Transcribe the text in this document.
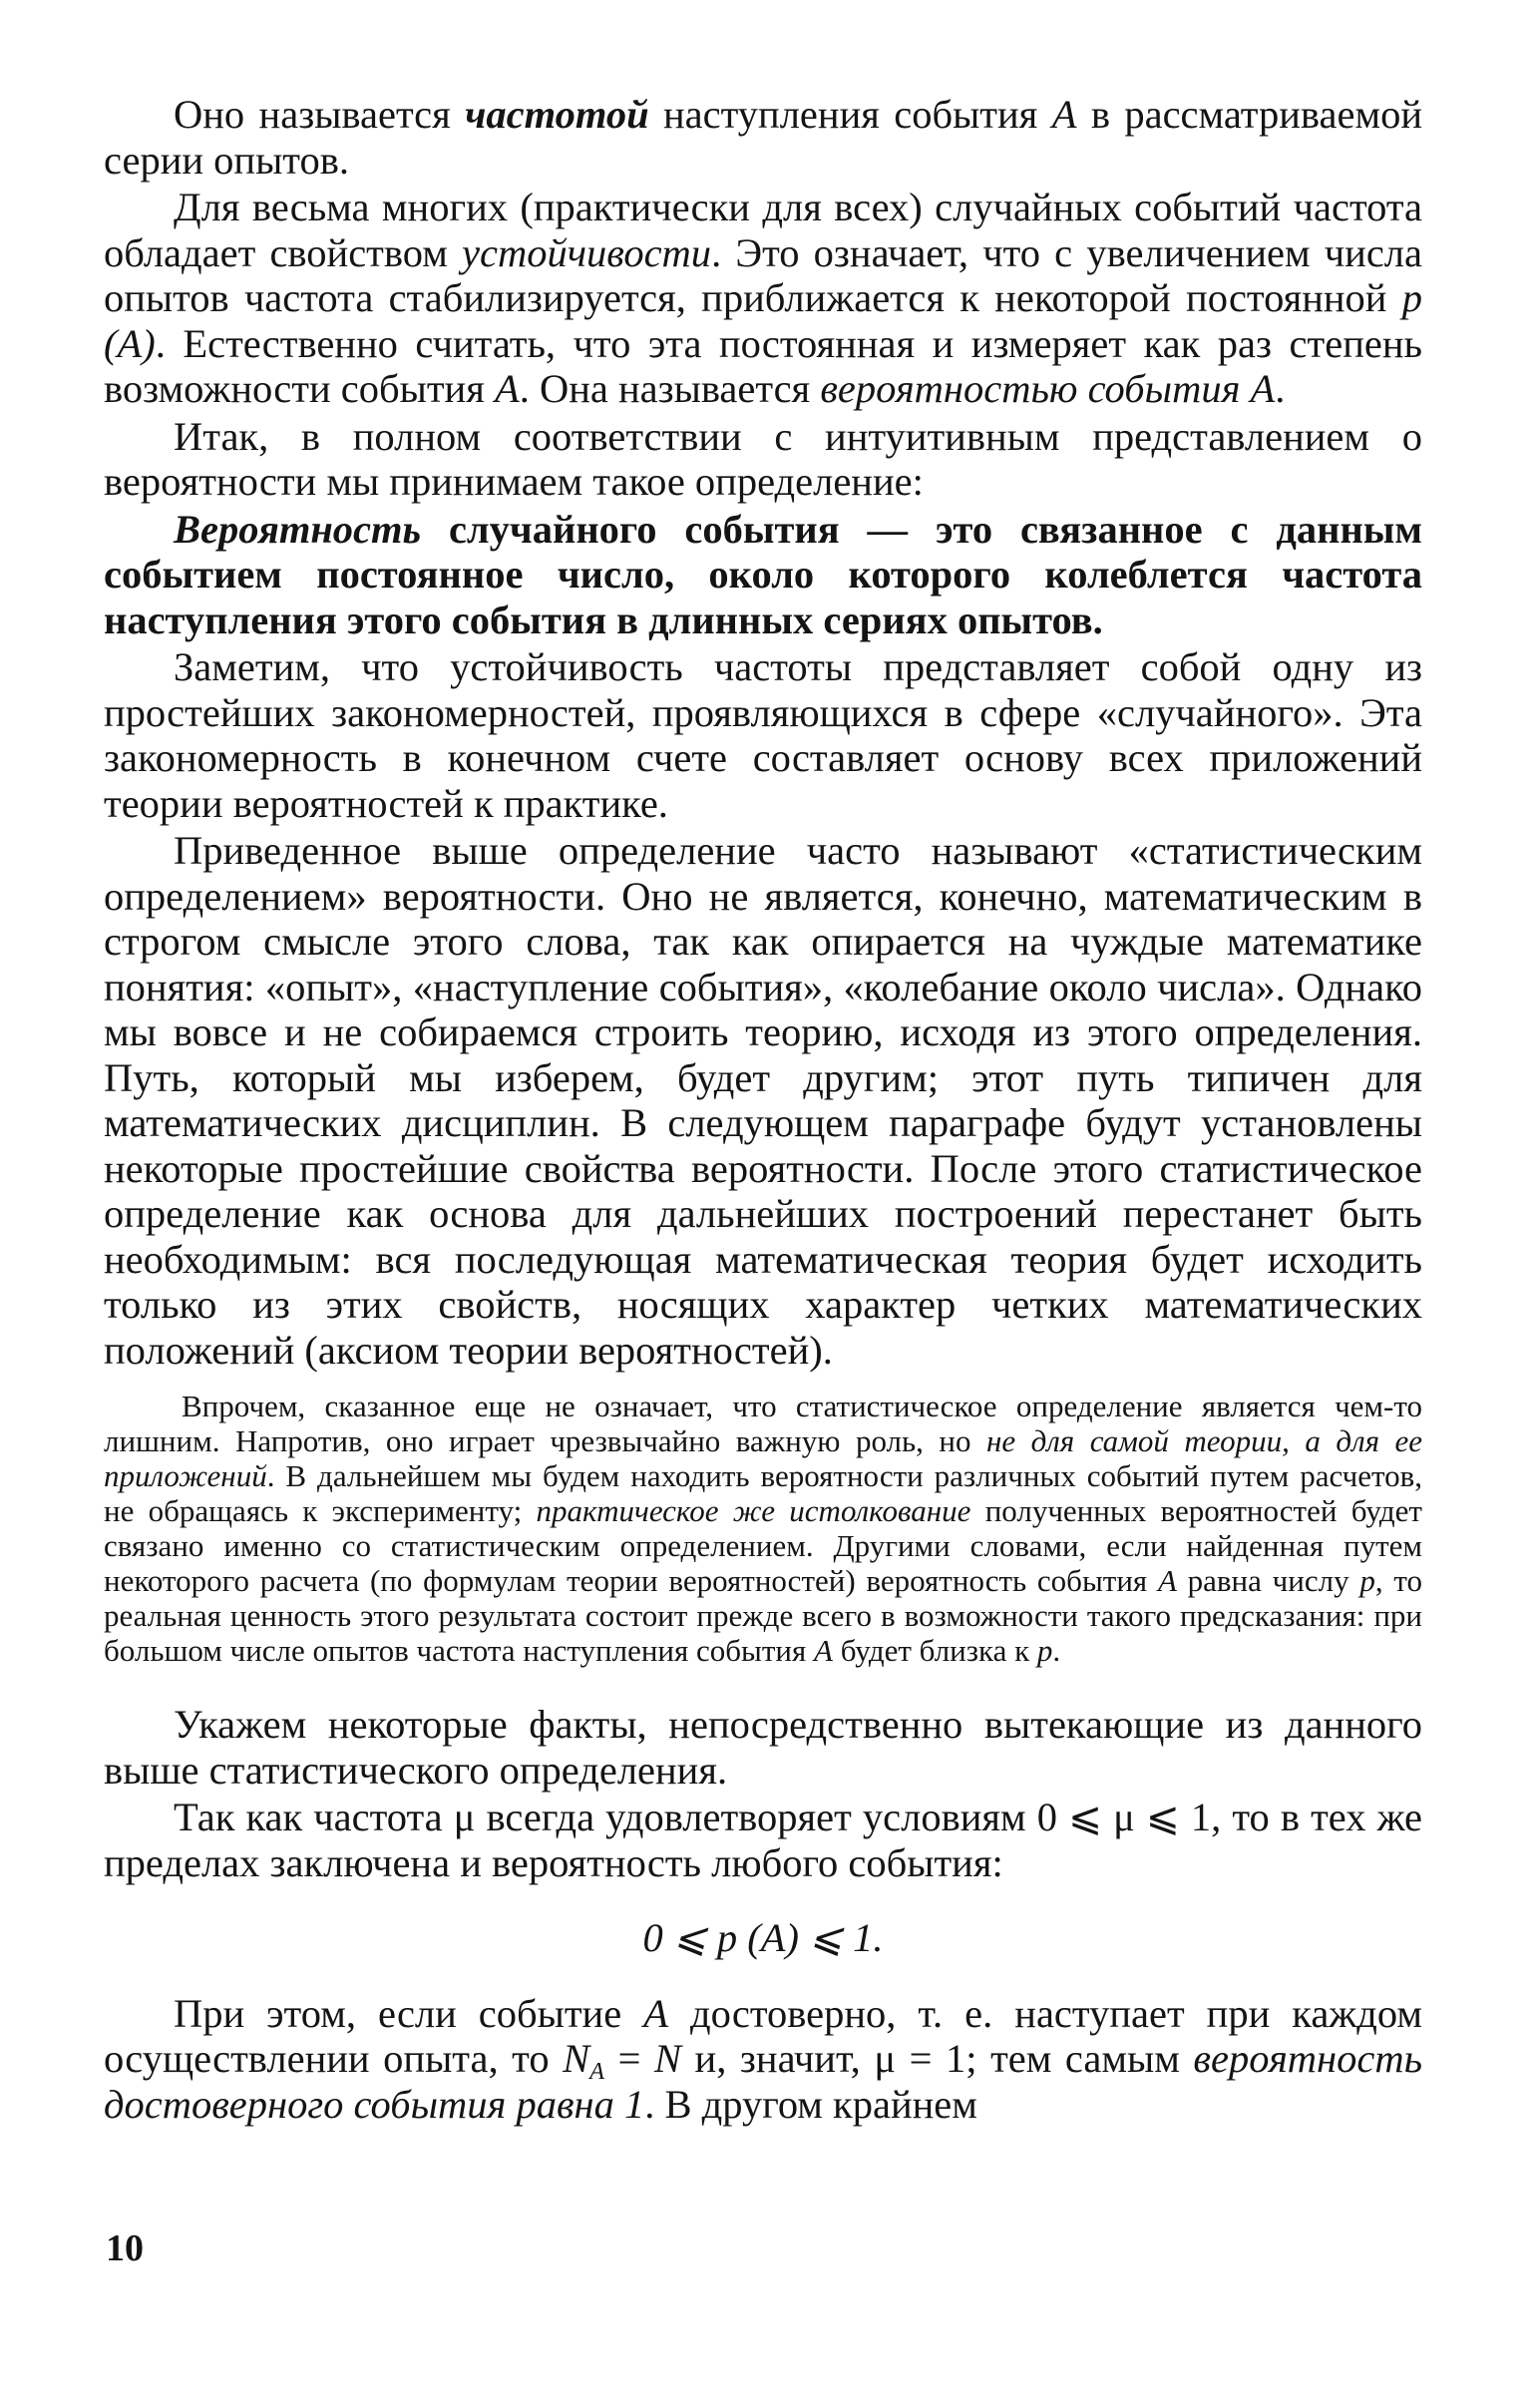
Оно называется частотой наступления события A в рассматриваемой серии опытов.

Для весьма многих (практически для всех) случайных событий частота обладает свойством устойчивости. Это означает, что с увеличением числа опытов частота стабилизируется, приближается к некоторой постоянной p (A). Естественно считать, что эта постоянная и измеряет как раз степень возможности события A. Она называется вероятностью события A.

Итак, в полном соответствии с интуитивным представлением о вероятности мы принимаем такое определение:

Вероятность случайного события — это связанное с данным событием постоянное число, около которого колеблется частота наступления этого события в длинных сериях опытов.

Заметим, что устойчивость частоты представляет собой одну из простейших закономерностей, проявляющихся в сфере «случайного». Эта закономерность в конечном счете составляет основу всех приложений теории вероятностей к практике.

Приведенное выше определение часто называют «статистическим определением» вероятности. Оно не является, конечно, математическим в строгом смысле этого слова, так как опирается на чуждые математике понятия: «опыт», «наступление события», «колебание около числа». Однако мы вовсе и не собираемся строить теорию, исходя из этого определения. Путь, который мы изберем, будет другим; этот путь типичен для математических дисциплин. В следующем параграфе будут установлены некоторые простейшие свойства вероятности. После этого статистическое определение как основа для дальнейших построений перестанет быть необходимым: вся последующая математическая теория будет исходить только из этих свойств, носящих характер четких математических положений (аксиом теории вероятностей).

Впрочем, сказанное еще не означает, что статистическое определение является чем-то лишним. Напротив, оно играет чрезвычайно важную роль, но не для самой теории, а для ее приложений. В дальнейшем мы будем находить вероятности различных событий путем расчетов, не обращаясь к эксперименту; практическое же истолкование полученных вероятностей будет связано именно со статистическим определением. Другими словами, если найденная путем некоторого расчета (по формулам теории вероятностей) вероятность события A равна числу p, то реальная ценность этого результата состоит прежде всего в возможности такого предсказания: при большом числе опытов частота наступления события A будет близка к p.

Укажем некоторые факты, непосредственно вытекающие из данного выше статистического определения.

Так как частота μ всегда удовлетворяет условиям 0 ⩽ μ ⩽ 1, то в тех же пределах заключена и вероятность любого события:

0 ⩽ p (A) ⩽ 1.

При этом, если событие A достоверно, т. е. наступает при каждом осуществлении опыта, то $N_A = N$ и, значит, μ = 1; тем самым вероятность достоверного события равна 1. В другом крайнем

10
